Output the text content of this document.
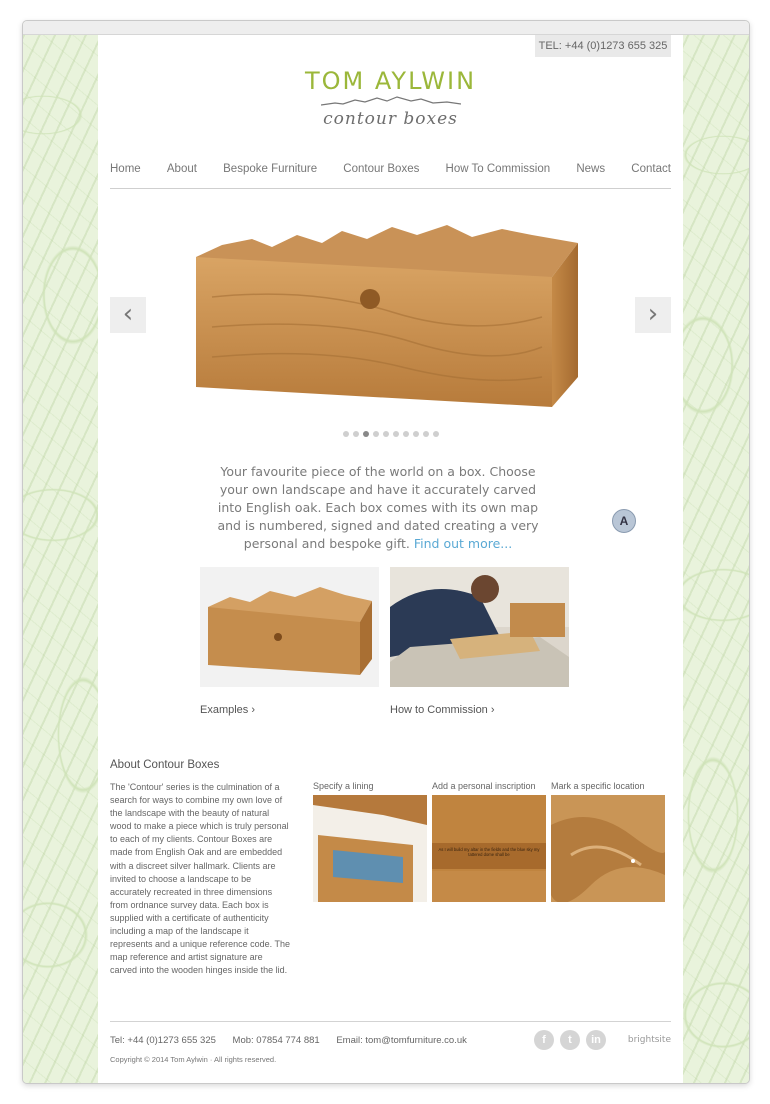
TEL: +44 (0)1273 655 325
TOM AYLWIN
contour boxes
Home About Bespoke Furniture Contour Boxes How To Commission News Contact
‹	›
Your favourite piece of the world on a box. Choose your own landscape and have it accurately carved into English oak. Each box comes with its own map and is numbered, signed and dated creating a very personal and bespoke gift. Find out more...
A
Examples ›	How to Commission ›
About Contour Boxes
The 'Contour' series is the culmination of a search for ways to combine my own love of the landscape with the beauty of natural wood to make a piece which is truly personal to each of my clients. Contour Boxes are made from English Oak and are embedded with a discreet silver hallmark. Clients are invited to choose a landscape to be accurately recreated in three dimensions from ordnance survey data. Each box is supplied with a certificate of authenticity including a map of the landscape it represents and a unique reference code. The map reference and artist signature are carved into the wooden hinges inside the lid.
Specify a lining	Add a personal inscription
As I will build my altar in the fields and the blue sky my tattered dome shall be
Mark a specific location
Tel: +44 (0)1273 655 325 Mob: 07854 774 881 Email: tom@tomfurniture.co.uk
Copyright © 2014 Tom Aylwin · All rights reserved.
f	t	in	brightsite
